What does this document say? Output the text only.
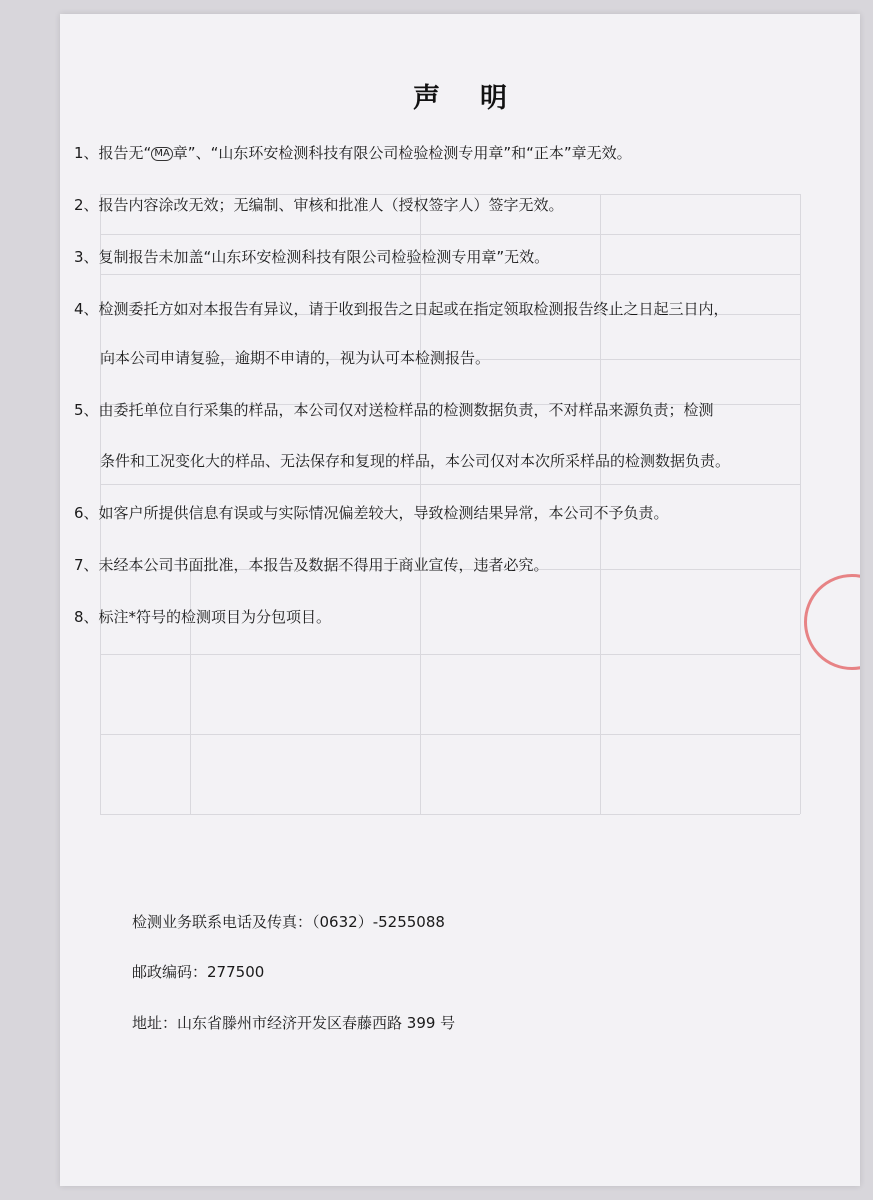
声明
1、报告无“ MA 章”、“山东环安检测科技有限公司检验检测专用章”和“正本”章无效。
2、报告内容涂改无效；无编制、审核和批准人（授权签字人）签字无效。
3、复制报告未加盖“山东环安检测科技有限公司检验检测专用章”无效。
4、检测委托方如对本报告有异议，请于收到报告之日起或在指定领取检测报告终止之日起三日内，
向本公司申请复验，逾期不申请的，视为认可本检测报告。
5、由委托单位自行采集的样品，本公司仅对送检样品的检测数据负责，不对样品来源负责；检测
条件和工况变化大的样品、无法保存和复现的样品，本公司仅对本次所采样品的检测数据负责。
6、如客户所提供信息有误或与实际情况偏差较大，导致检测结果异常，本公司不予负责。
7、未经本公司书面批准，本报告及数据不得用于商业宣传，违者必究。
8、标注*符号的检测项目为分包项目。
检测业务联系电话及传真：（0632）-5255088
邮政编码：277500
地址：山东省滕州市经济开发区春藤西路 399 号
